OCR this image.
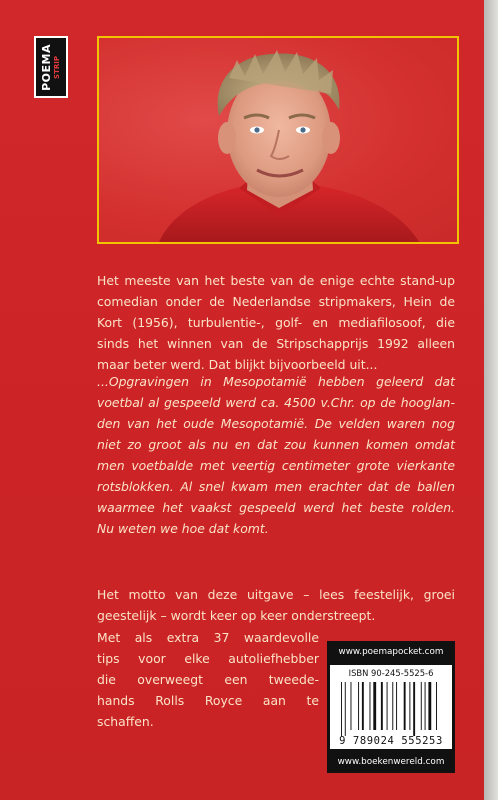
POEMA STRIP
Het meeste van het beste van de enige echte stand-up
comedian onder de Nederlandse stripmakers, Hein de
Kort (1956), turbulentie-, golf- en mediafilosoof, die
sinds het winnen van de Stripschapprijs 1992 alleen
maar beter werd. Dat blijkt bijvoorbeeld uit...
...Opgravingen in Mesopotamië hebben geleerd dat
voetbal al gespeeld werd ca. 4500 v.Chr. op de hooglan-
den van het oude Mesopotamië. De velden waren nog
niet zo groot als nu en dat zou kunnen komen omdat
men voetbalde met veertig centimeter grote vierkante
rotsblokken. Al snel kwam men erachter dat de ballen
waarmee het vaakst gespeeld werd het beste rolden.
Nu weten we hoe dat komt.
Het motto van deze uitgave – lees feestelijk, groei
geestelijk – wordt keer op keer onderstreept.
Met als extra 37 waardevolle
tips voor elke autoliefhebber
die overweegt een tweede-
hands Rolls Royce aan te
schaffen.
www.poemapocket.com
ISBN 90-245-5525-6
9 789024 555253
www.boekenwereld.com
